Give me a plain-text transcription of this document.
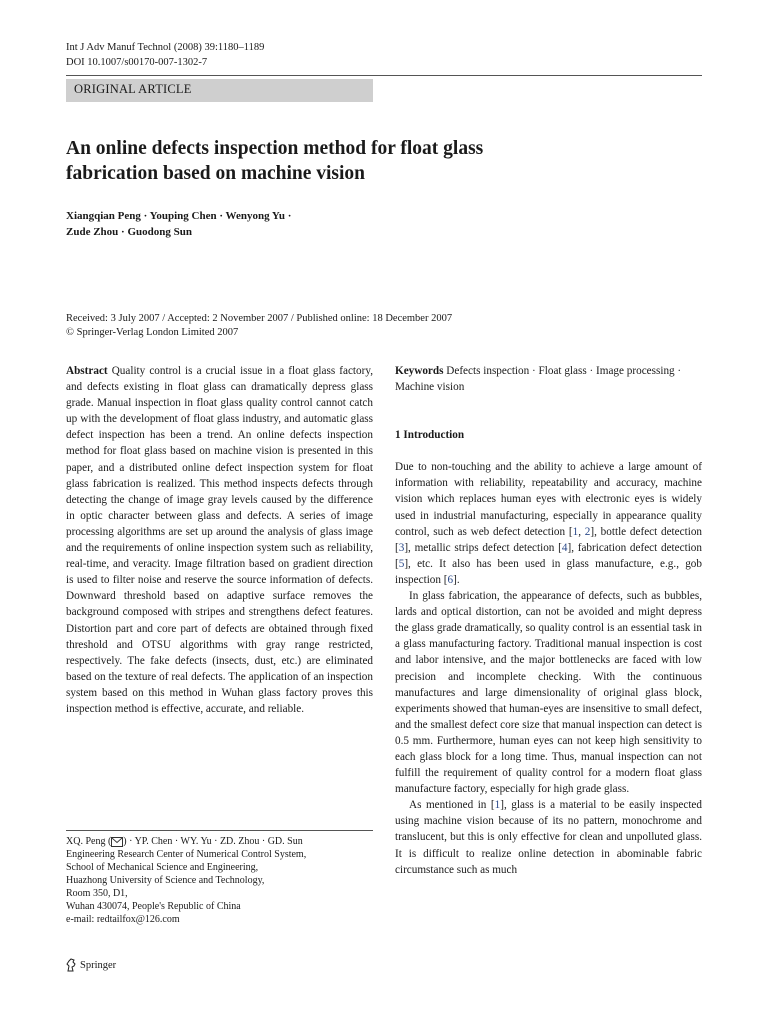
Int J Adv Manuf Technol (2008) 39:1180–1189
DOI 10.1007/s00170-007-1302-7
ORIGINAL ARTICLE
An online defects inspection method for float glass
fabrication based on machine vision
Xiangqian Peng · Youping Chen · Wenyong Yu ·
Zude Zhou · Guodong Sun
Received: 3 July 2007 / Accepted: 2 November 2007 / Published online: 18 December 2007
© Springer-Verlag London Limited 2007

Abstract Quality control is a crucial issue in a float glass factory, and defects existing in float glass can dramatically depress glass grade. Manual inspection in float glass quality control cannot catch up with the development of float glass industry, and automatic glass defect inspection has been a trend. An online defects inspection method for float glass based on machine vision is presented in this paper, and a distributed online defect inspection system for float glass fabrication is realized. This method inspects defects through detecting the change of image gray levels caused by the difference in optic character between glass and defects. A series of image processing algorithms are set up around the analysis of glass image and the requirements of online inspection system such as reliability, real-time, and veracity. Image filtration based on gradient direction is used to filter noise and reserve the source information of defects. Downward threshold based on adaptive surface removes the background composed with stripes and strengthens defect features. Distortion part and core part of defects are obtained through fixed threshold and OTSU algorithms with gray range restricted, respectively. The fake defects (insects, dust, etc.) are eliminated based on the texture of real defects. The application of an inspection system based on this method in Wuhan glass factory proves this inspection method is effective, accurate, and reliable.

Keywords Defects inspection · Float glass · Image processing · Machine vision

1 Introduction

Due to non-touching and the ability to achieve a large amount of information with reliability, repeatability and accuracy, machine vision which replaces human eyes with electronic eyes is widely used in industrial manufacturing, especially in appearance quality control, such as web defect detection [1, 2], bottle defect detection [3], metallic strips defect detection [4], fabrication defect detection [5], etc. It also has been used in glass manufacture, e.g., gob inspection [6].

In glass fabrication, the appearance of defects, such as bubbles, lards and optical distortion, can not be avoided and might depress the glass grade dramatically, so quality control is an essential task in a glass manufacturing factory. Traditional manual inspection is cost and labor intensive, and the major bottlenecks are faced with low precision and incomplete checking. With the continuous manufactures and large dimensionality of original glass block, experiments showed that human-eyes are insensitive to small defect, and the smallest defect core size that manual inspection can detect is 0.5 mm. Furthermore, human eyes can not keep high sensitivity to each glass block for a long time. Thus, manual inspection can not fulfill the requirement of quality control for a modern float glass manufacture factory, especially for high grade glass.

As mentioned in [1], glass is a material to be easily inspected using machine vision because of its no pattern, monochrome and translucent, but this is only effective for clean and unpolluted glass. It is difficult to realize online detection in abominable fabric circumstance such as much

XQ. Peng ( ) · YP. Chen · WY. Yu · ZD. Zhou · GD. Sun
Engineering Research Center of Numerical Control System,
School of Mechanical Science and Engineering,
Huazhong University of Science and Technology,
Room 350, D1,
Wuhan 430074, People's Republic of China
e-mail: redtailfox@126.com
Springer
